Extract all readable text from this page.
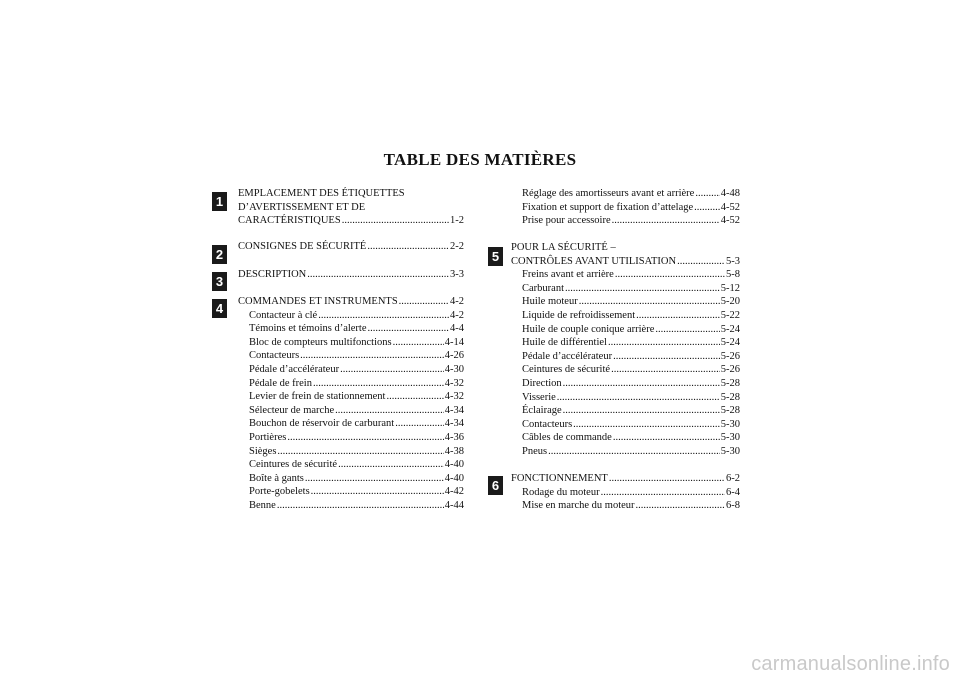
TABLE DES MATIÈRES
1
2
3
4
5
6
EMPLACEMENT DES ÉTIQUETTES
D’AVERTISSEMENT ET DE
CARACTÉRISTIQUES .....	1-2
CONSIGNES DE SÉCURITÉ .....	2-2
DESCRIPTION .....	3-3
COMMANDES ET INSTRUMENTS .....	4-2
Contacteur à clé .....	4-2
Témoins et témoins d’alerte .....	4-4
Bloc de compteurs multifonctions .....	4-14
Contacteurs .....	4-26
Pédale d’accélérateur .....	4-30
Pédale de frein .....	4-32
Levier de frein de stationnement .....	4-32
Sélecteur de marche .....	4-34
Bouchon de réservoir de carburant .....	4-34
Portières .....	4-36
Sièges .....	4-38
Ceintures de sécurité .....	4-40
Boîte à gants .....	4-40
Porte-gobelets .....	4-42
Benne .....	4-44
Réglage des amortisseurs avant et arrière .....	4-48
Fixation et support de fixation d’attelage .....	4-52
Prise pour accessoire .....	4-52
POUR LA SÉCURITÉ –
CONTRÔLES AVANT UTILISATION .....	5-3
Freins avant et arrière .....	5-8
Carburant .....	5-12
Huile moteur .....	5-20
Liquide de refroidissement .....	5-22
Huile de couple conique arrière .....	5-24
Huile de différentiel .....	5-24
Pédale d’accélérateur .....	5-26
Ceintures de sécurité .....	5-26
Direction .....	5-28
Visserie .....	5-28
Éclairage .....	5-28
Contacteurs .....	5-30
Câbles de commande .....	5-30
Pneus .....	5-30
FONCTIONNEMENT .....	6-2
Rodage du moteur .....	6-4
Mise en marche du moteur .....	6-8
carmanualsonline.info
